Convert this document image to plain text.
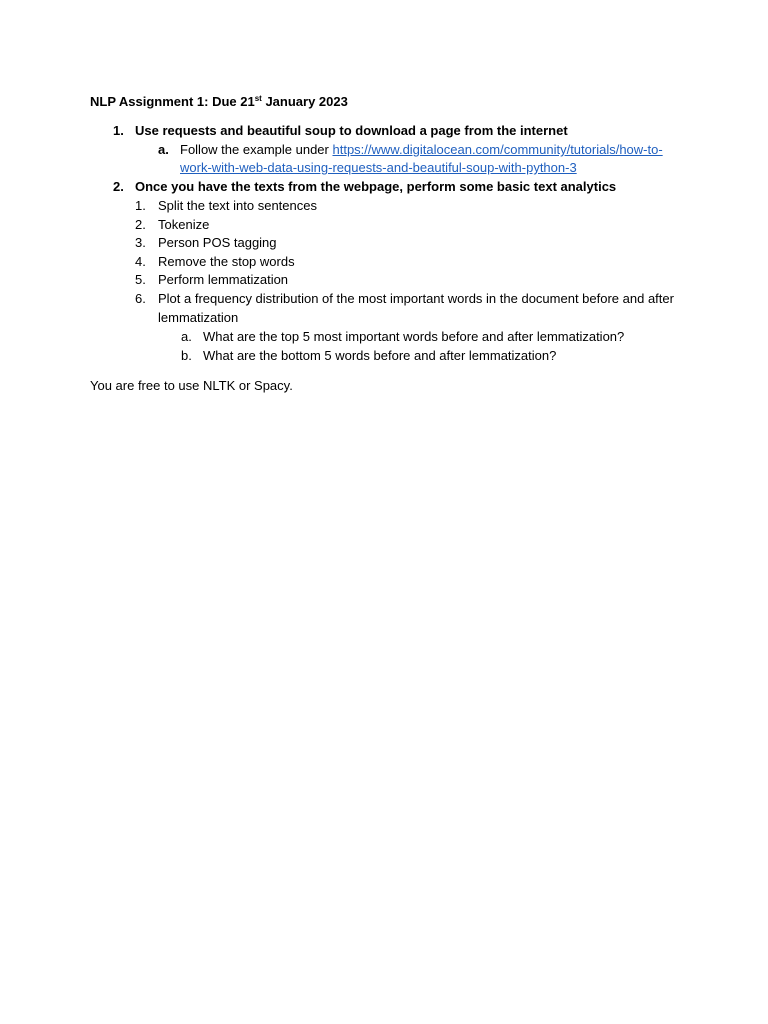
NLP Assignment 1: Due 21st January 2023
1. Use requests and beautiful soup to download a page from the internet
a. Follow the example under https://www.digitalocean.com/community/tutorials/how-to-
work-with-web-data-using-requests-and-beautiful-soup-with-python-3
2. Once you have the texts from the webpage, perform some basic text analytics
1. Split the text into sentences
2. Tokenize
3. Person POS tagging
4. Remove the stop words
5. Perform lemmatization
6. Plot a frequency distribution of the most important words in the document before and after
lemmatization
a. What are the top 5 most important words before and after lemmatization?
b. What are the bottom 5 words before and after lemmatization?
You are free to use NLTK or Spacy.
